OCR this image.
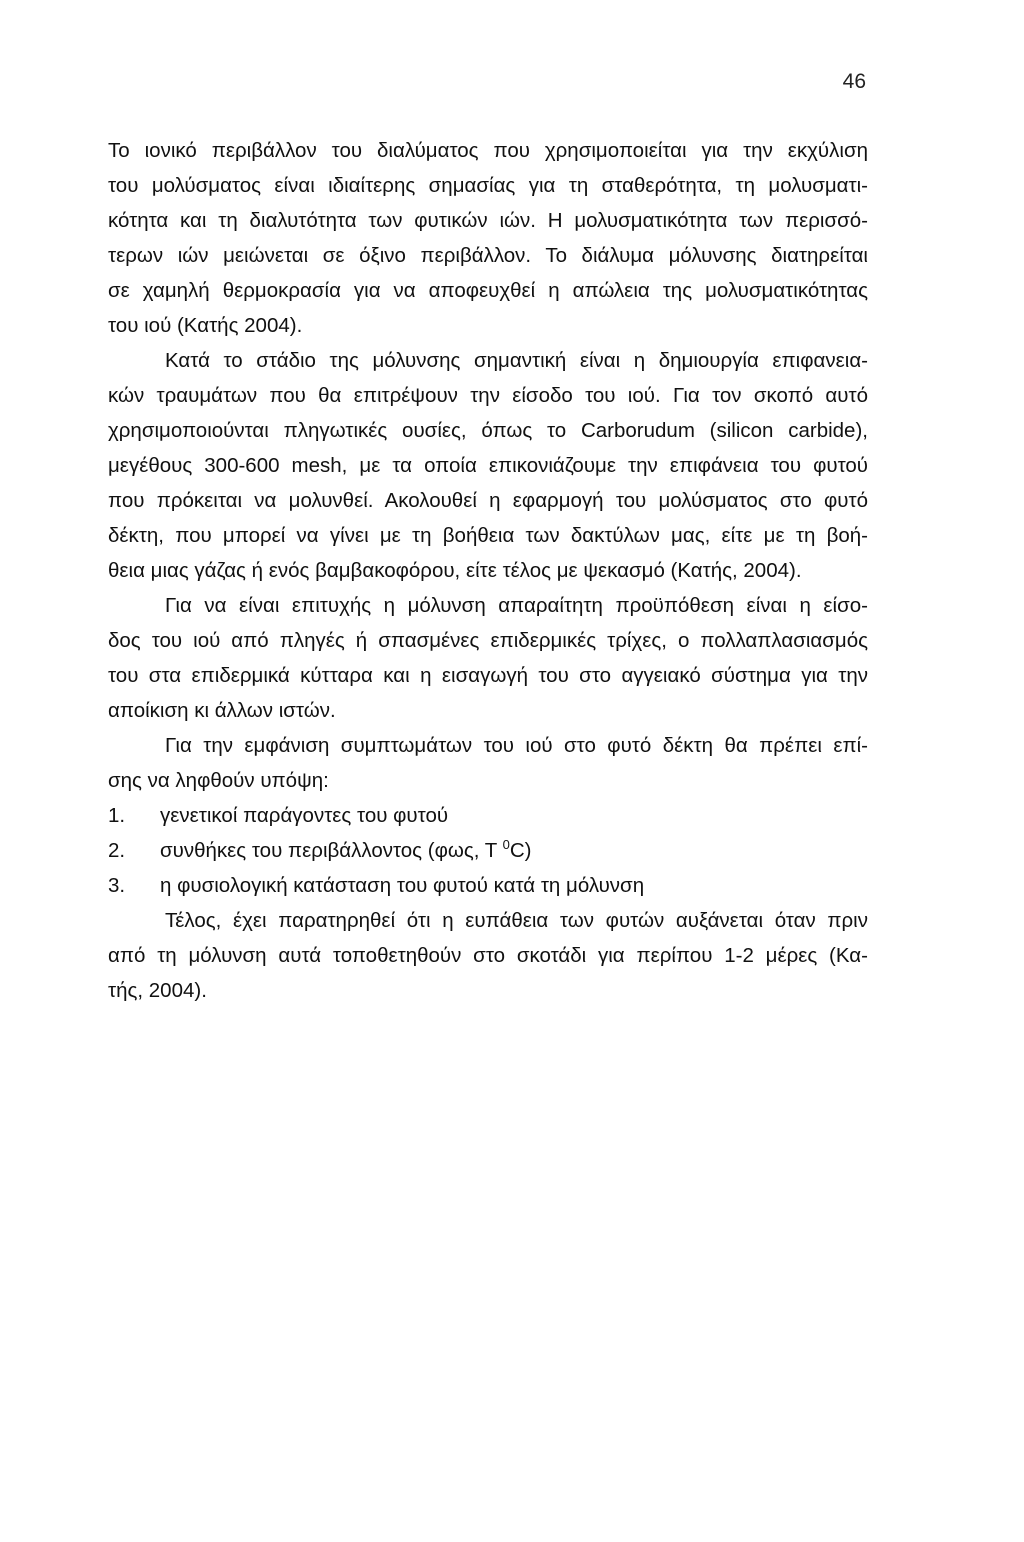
46
Το ιονικό περιβάλλον του διαλύματος που χρησιμοποιείται για την εκχύλιση
του μολύσματος είναι ιδιαίτερης σημασίας για τη σταθερότητα, τη μολυσματι-
κότητα και τη διαλυτότητα των φυτικών ιών. Η μολυσματικότητα των περισσό-
τερων ιών μειώνεται σε όξινο περιβάλλον. Το διάλυμα μόλυνσης διατηρείται
σε χαμηλή θερμοκρασία για να αποφευχθεί η απώλεια της μολυσματικότητας
του ιού (Κατής 2004).
Κατά το στάδιο της μόλυνσης σημαντική είναι η δημιουργία επιφανεια-
κών τραυμάτων που θα επιτρέψουν την είσοδο του ιού. Για τον σκοπό αυτό
χρησιμοποιούνται πληγωτικές ουσίες, όπως το Carborudum (silicon carbide),
μεγέθους 300-600 mesh, με τα οποία επικονιάζουμε την επιφάνεια του φυτού
που πρόκειται να μολυνθεί. Ακολουθεί η εφαρμογή του μολύσματος στο φυτό
δέκτη, που μπορεί να γίνει με τη βοήθεια των δακτύλων μας, είτε με τη βοή-
θεια μιας γάζας ή ενός βαμβακοφόρου, είτε τέλος με ψεκασμό (Κατής, 2004).
Για να είναι επιτυχής η μόλυνση απαραίτητη προϋπόθεση είναι η είσο-
δος του ιού από πληγές ή σπασμένες επιδερμικές τρίχες, ο πολλαπλασιασμός
του στα επιδερμικά κύτταρα και η εισαγωγή του στο αγγειακό σύστημα για την
αποίκιση κι άλλων ιστών.
Για την εμφάνιση συμπτωμάτων του ιού στο φυτό δέκτη θα πρέπει επί-
σης να ληφθούν υπόψη:
1. γενετικοί παράγοντες του φυτού
2. συνθήκες του περιβάλλοντος (φως, Τ $^0$C)
3. η φυσιολογική κατάσταση του φυτού κατά τη μόλυνση
Τέλος, έχει παρατηρηθεί ότι η ευπάθεια των φυτών αυξάνεται όταν πριν
από τη μόλυνση αυτά τοποθετηθούν στο σκοτάδι για περίπου 1-2 μέρες (Κα-
τής, 2004).
